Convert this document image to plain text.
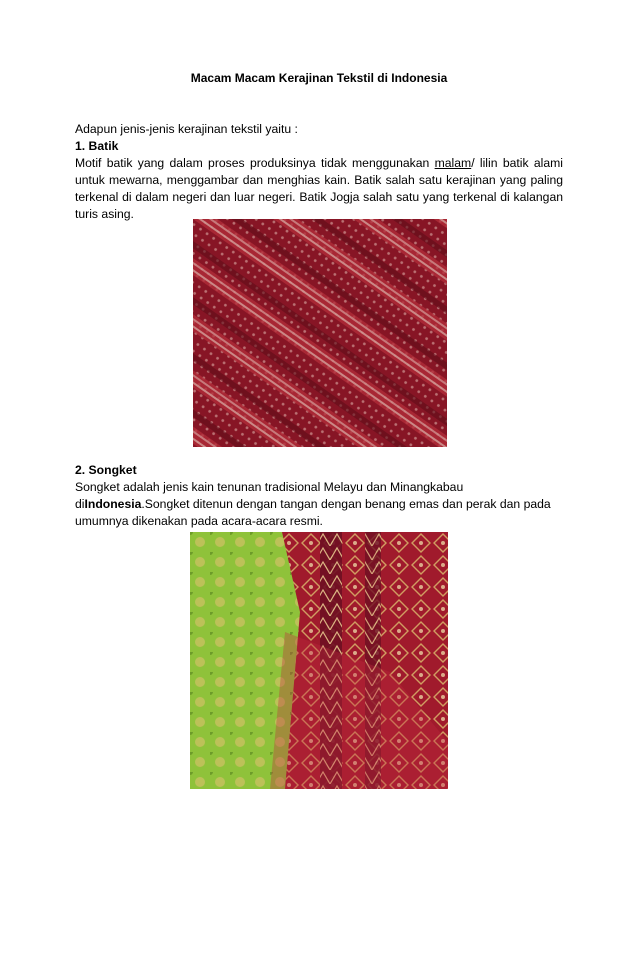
Macam Macam Kerajinan Tekstil di Indonesia
Adapun jenis-jenis kerajinan tekstil yaitu :
1. Batik
Motif batik yang dalam proses produksinya tidak menggunakan malam/ lilin batik alami untuk mewarna, menggambar dan menghias kain. Batik salah satu kerajinan yang paling terkenal di dalam negeri dan luar negeri. Batik Jogja salah satu yang terkenal di kalangan turis asing.
2. Songket
Songket adalah jenis kain tenunan tradisional Melayu dan Minangkabau
diIndonesia.Songket ditenun dengan tangan dengan benang emas dan perak dan pada umumnya dikenakan pada acara-acara resmi.
